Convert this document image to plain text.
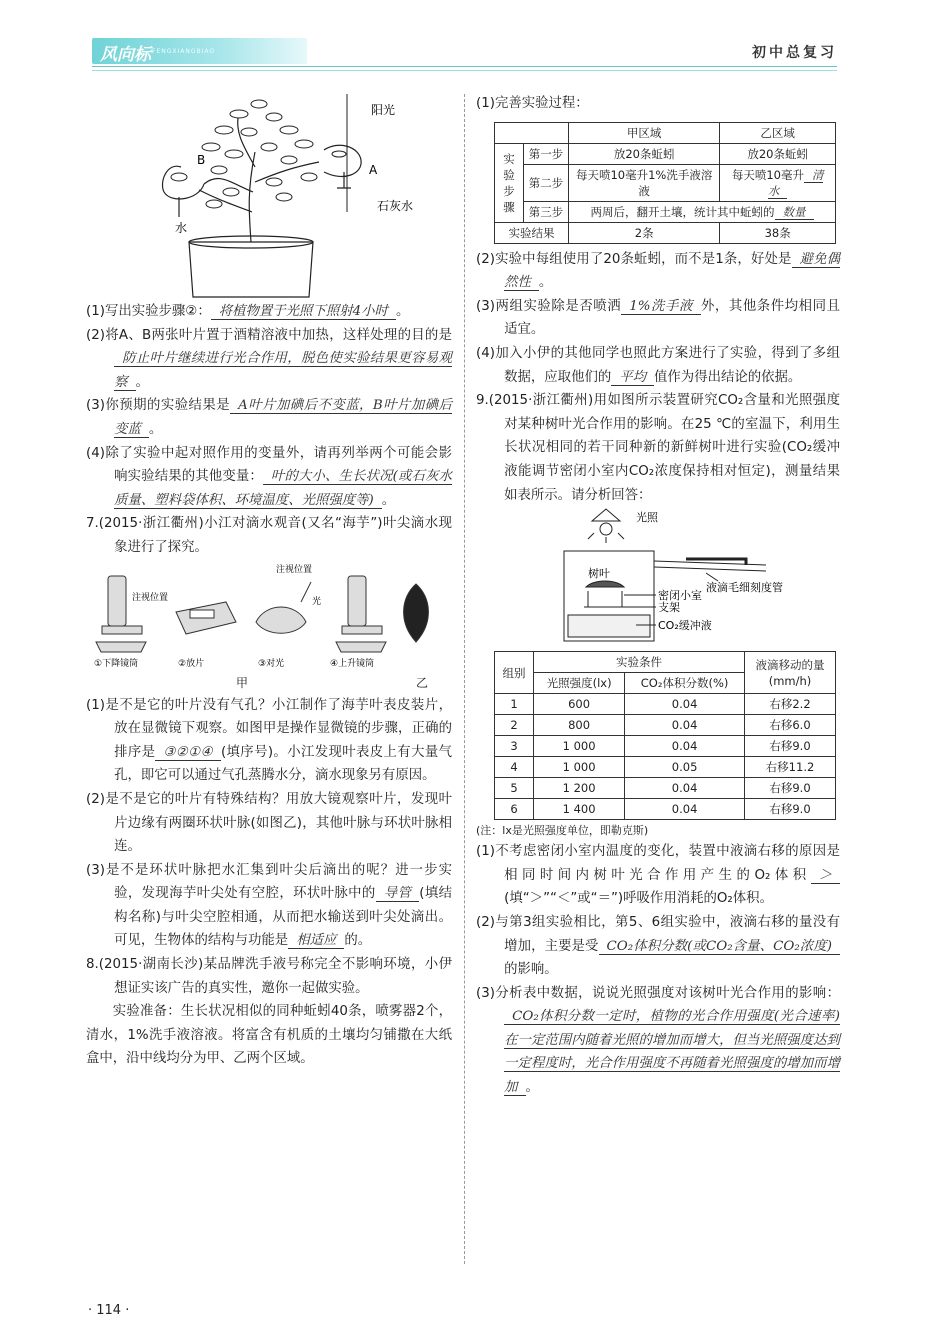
风向标 FENGXIANGBIAO	初中总复习
阳光
A
B
石灰水
水

(1)写出实验步骤②： 将植物置于光照下照射4小时 。

(2)将A、B两张叶片置于酒精溶液中加热，这样处理的目的是防止叶片继续进行光合作用，脱色使实验结果更容易观察 。

(3)你预期的实验结果是 A叶片加碘后不变蓝，B叶片加碘后变蓝 。

(4)除了实验中起对照作用的变量外，请再列举两个可能会影响实验结果的其他变量： 叶的大小、生长状况(或石灰水质量、塑料袋体积、环境温度、光照强度等) 。

7.(2015·浙江衢州)小江对滴水观音(又名“海芋”)叶尖滴水现象进行了探究。

注视位置
注视位置	光
①下降镜筒	②放片	③对光	④上升镜筒
甲	乙

(1)是不是它的叶片没有气孔？小江制作了海芋叶表皮装片，放在显微镜下观察。如图甲是操作显微镜的步骤，正确的排序是 ③②①④ (填序号)。小江发现叶表皮上有大量气孔，即它可以通过气孔蒸腾水分，滴水现象另有原因。

(2)是不是它的叶片有特殊结构？用放大镜观察叶片，发现叶片边缘有两圈环状叶脉(如图乙)，其他叶脉与环状叶脉相连。

(3)是不是环状叶脉把水汇集到叶尖后滴出的呢？进一步实验，发现海芋叶尖处有空腔，环状叶脉中的 导管 (填结构名称)与叶尖空腔相通，从而把水输送到叶尖处滴出。可见，生物体的结构与功能是 相适应 的。

8.(2015·湖南长沙)某品牌洗手液号称完全不影响环境，小伊想证实该广告的真实性，邀你一起做实验。

实验准备：生长状况相似的同种蚯蚓40条，喷雾器2个，清水，1%洗手液溶液。将富含有机质的土壤均匀铺撒在大纸盒中，沿中线均分为甲、乙两个区域。

(1)完善实验过程：

		甲区域	乙区域
实验步骤	第一步	放20条蚯蚓	放20条蚯蚓
	第二步	每天喷10毫升1%洗手液溶液	每天喷10毫升 清水
	第三步	两周后，翻开土壤，统计其中蚯蚓的 数量	
实验结果		2条	38条

(2)实验中每组使用了20条蚯蚓，而不是1条，好处是 避免偶然性 。

(3)两组实验除是否喷洒 1%洗手液 外，其他条件均相同且适宜。

(4)加入小伊的其他同学也照此方案进行了实验，得到了多组数据，应取他们的 平均 值作为得出结论的依据。

9.(2015·浙江衢州)用如图所示装置研究CO₂含量和光照强度对某种树叶光合作用的影响。在25 ℃的室温下，利用生长状况相同的若干同种新的新鲜树叶进行实验(CO₂缓冲液能调节密闭小室内CO₂浓度保持相对恒定)，测量结果如表所示。请分析回答：

光照
液滴毛细刻度管
树叶
密闭小室
支架
CO₂缓冲液
组别	实验条件		液滴移动的量(mm/h)
	光照强度(lx)	CO₂体积分数(%)	
1	600	0.04	右移2.2
2	800	0.04	右移6.0
3	1 000	0.04	右移9.0
4	1 000	0.05	右移11.2
5	1 200	0.04	右移9.0
6	1 400	0.04	右移9.0

(注：lx是光照强度单位，即勒克斯)

(1)不考虑密闭小室内温度的变化，装置中液滴右移的原因是相同时间内树叶光合作用产生的O₂体积 ＞(填“＞”“＜”或“＝”)呼吸作用消耗的O₂体积。

(2)与第3组实验相比，第5、6组实验中，液滴右移的量没有增加，主要是受 CO₂体积分数(或CO₂含量、CO₂浓度)的影响。

(3)分析表中数据，说说光照强度对该树叶光合作用的影响：CO₂体积分数一定时，植物的光合作用强度(光合速率)在一定范围内随着光照的增加而增大，但当光照强度达到一定程度时，光合作用强度不再随着光照强度的增加而增加 。

· 114 ·
